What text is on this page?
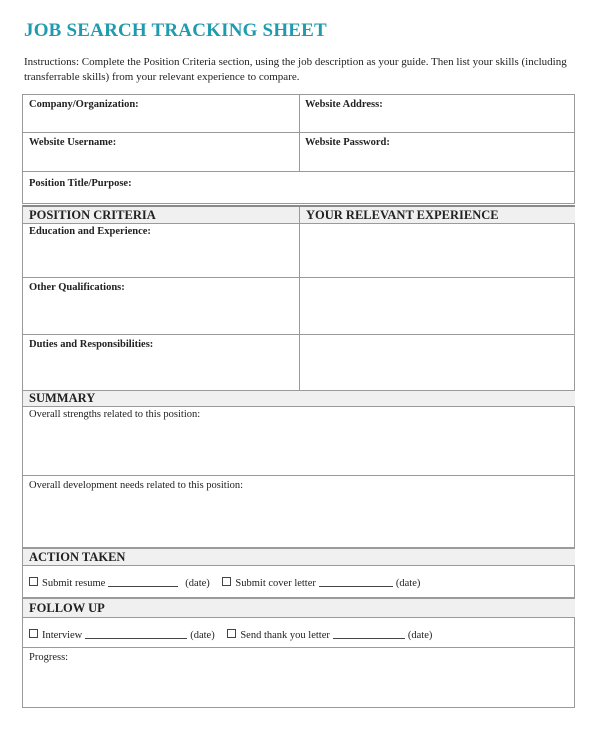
JOB SEARCH TRACKING SHEET
Instructions: Complete the Position Criteria section, using the job description as your guide. Then list your skills (including transferrable skills) from your relevant experience to compare.
Company/Organization:	Website Address:
Website Username:	Website Password:
Position Title/Purpose:
POSITION CRITERIA	YOUR RELEVANT EXPERIENCE
Education and Experience:
Other Qualifications:
Duties and Responsibilities:
SUMMARY
Overall strengths related to this position:
Overall development needs related to this position:
ACTION TAKEN
Submit resume	(date) Submit cover letter	(date)
FOLLOW UP
Interview	(date) Send thank you letter	(date)
Progress:
